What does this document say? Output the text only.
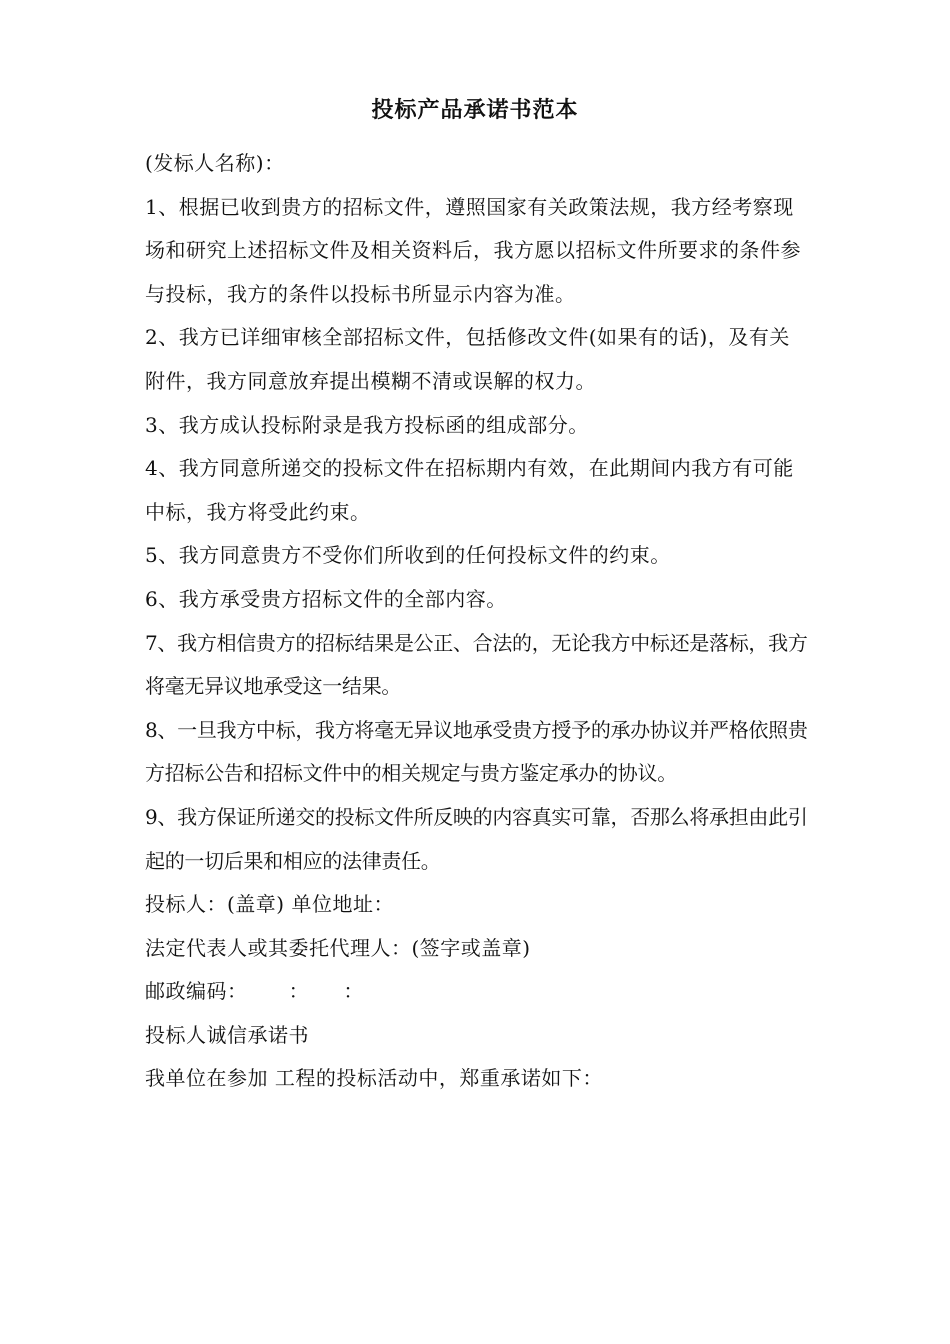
投标产品承诺书范本

(发标人名称)：

1、根据已收到贵方的招标文件，遵照国家有关政策法规，我方经考察现场和研究上述招标文件及相关资料后，我方愿以招标文件所要求的条件参与投标，我方的条件以投标书所显示内容为准。

2、我方已详细审核全部招标文件，包括修改文件(如果有的话)，及有关附件，我方同意放弃提出模糊不清或误解的权力。

3、我方成认投标附录是我方投标函的组成部分。

4、我方同意所递交的投标文件在招标期内有效，在此期间内我方有可能中标，我方将受此约束。

5、我方同意贵方不受你们所收到的任何投标文件的约束。

6、我方承受贵方招标文件的全部内容。

7、我方相信贵方的招标结果是公正、合法的，无论我方中标还是落标，我方将毫无异议地承受这一结果。

8、一旦我方中标，我方将毫无异议地承受贵方授予的承办协议并严格依照贵方招标公告和招标文件中的相关规定与贵方鉴定承办的协议。

9、我方保证所递交的投标文件所反映的内容真实可靠，否那么将承担由此引起的一切后果和相应的法律责任。

投标人：(盖章) 单位地址：

法定代表人或其委托代理人：(签字或盖章)

邮政编码：      ：     ：

投标人诚信承诺书

我单位在参加 工程的投标活动中，郑重承诺如下：
